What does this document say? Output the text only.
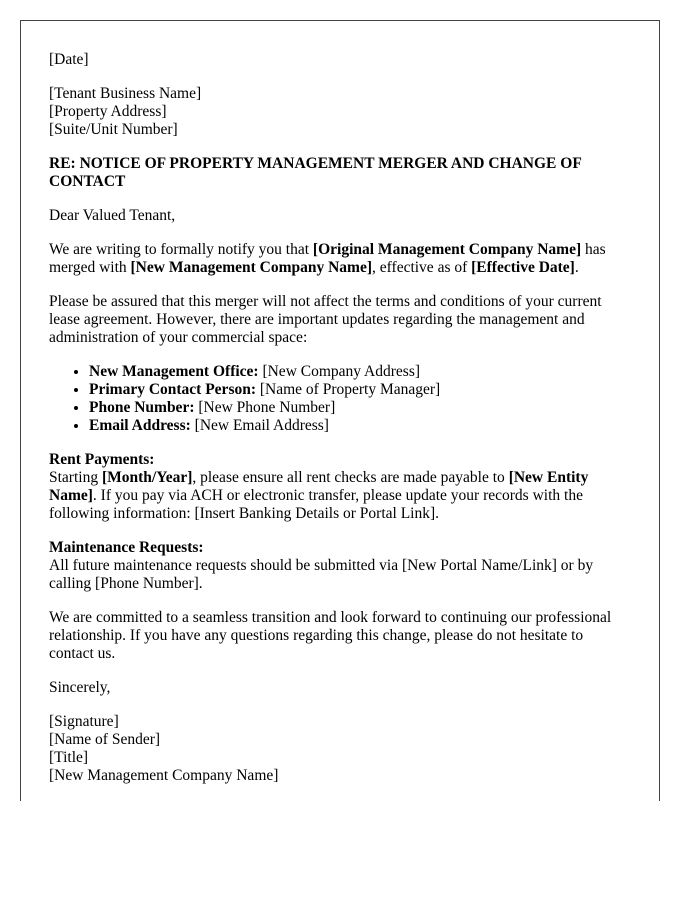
[Date]
[Tenant Business Name]
[Property Address]
[Suite/Unit Number]
RE: NOTICE OF PROPERTY MANAGEMENT MERGER AND CHANGE OF CONTACT
Dear Valued Tenant,
We are writing to formally notify you that [Original Management Company Name] has merged with [New Management Company Name], effective as of [Effective Date].
Please be assured that this merger will not affect the terms and conditions of your current lease agreement. However, there are important updates regarding the management and administration of your commercial space:
• New Management Office: [New Company Address]
• Primary Contact Person: [Name of Property Manager]
• Phone Number: [New Phone Number]
• Email Address: [New Email Address]
Rent Payments:
Starting [Month/Year], please ensure all rent checks are made payable to [New Entity Name]. If you pay via ACH or electronic transfer, please update your records with the following information: [Insert Banking Details or Portal Link].
Maintenance Requests:
All future maintenance requests should be submitted via [New Portal Name/Link] or by calling [Phone Number].
We are committed to a seamless transition and look forward to continuing our professional relationship. If you have any questions regarding this change, please do not hesitate to contact us.
Sincerely,
[Signature]
[Name of Sender]
[Title]
[New Management Company Name]
